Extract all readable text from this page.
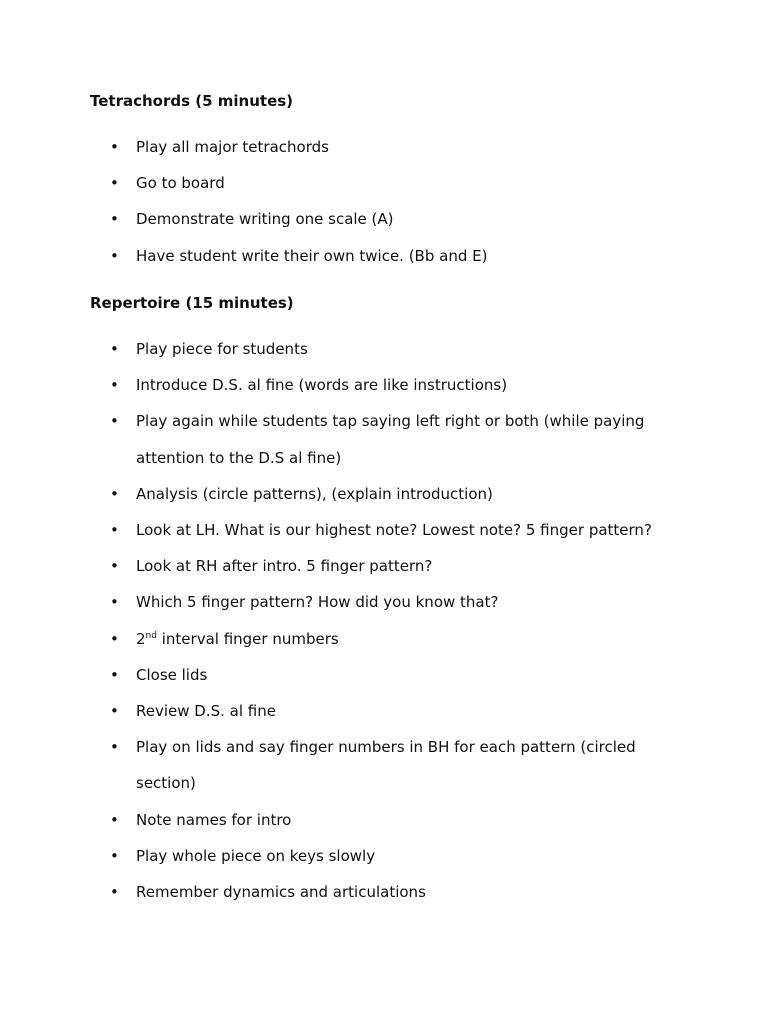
Tetrachords (5 minutes)
• Play all major tetrachords
• Go to board
• Demonstrate writing one scale (A)
• Have student write their own twice. (Bb and E)
Repertoire (15 minutes)
• Play piece for students
• Introduce D.S. al fine (words are like instructions)
• Play again while students tap saying left right or both (while paying attention to the D.S al fine)
• Analysis (circle patterns), (explain introduction)
• Look at LH. What is our highest note? Lowest note? 5 finger pattern?
• Look at RH after intro. 5 finger pattern?
• Which 5 finger pattern? How did you know that?
• 2nd interval finger numbers
• Close lids
• Review D.S. al fine
• Play on lids and say finger numbers in BH for each pattern (circled section)
• Note names for intro
• Play whole piece on keys slowly
• Remember dynamics and articulations
